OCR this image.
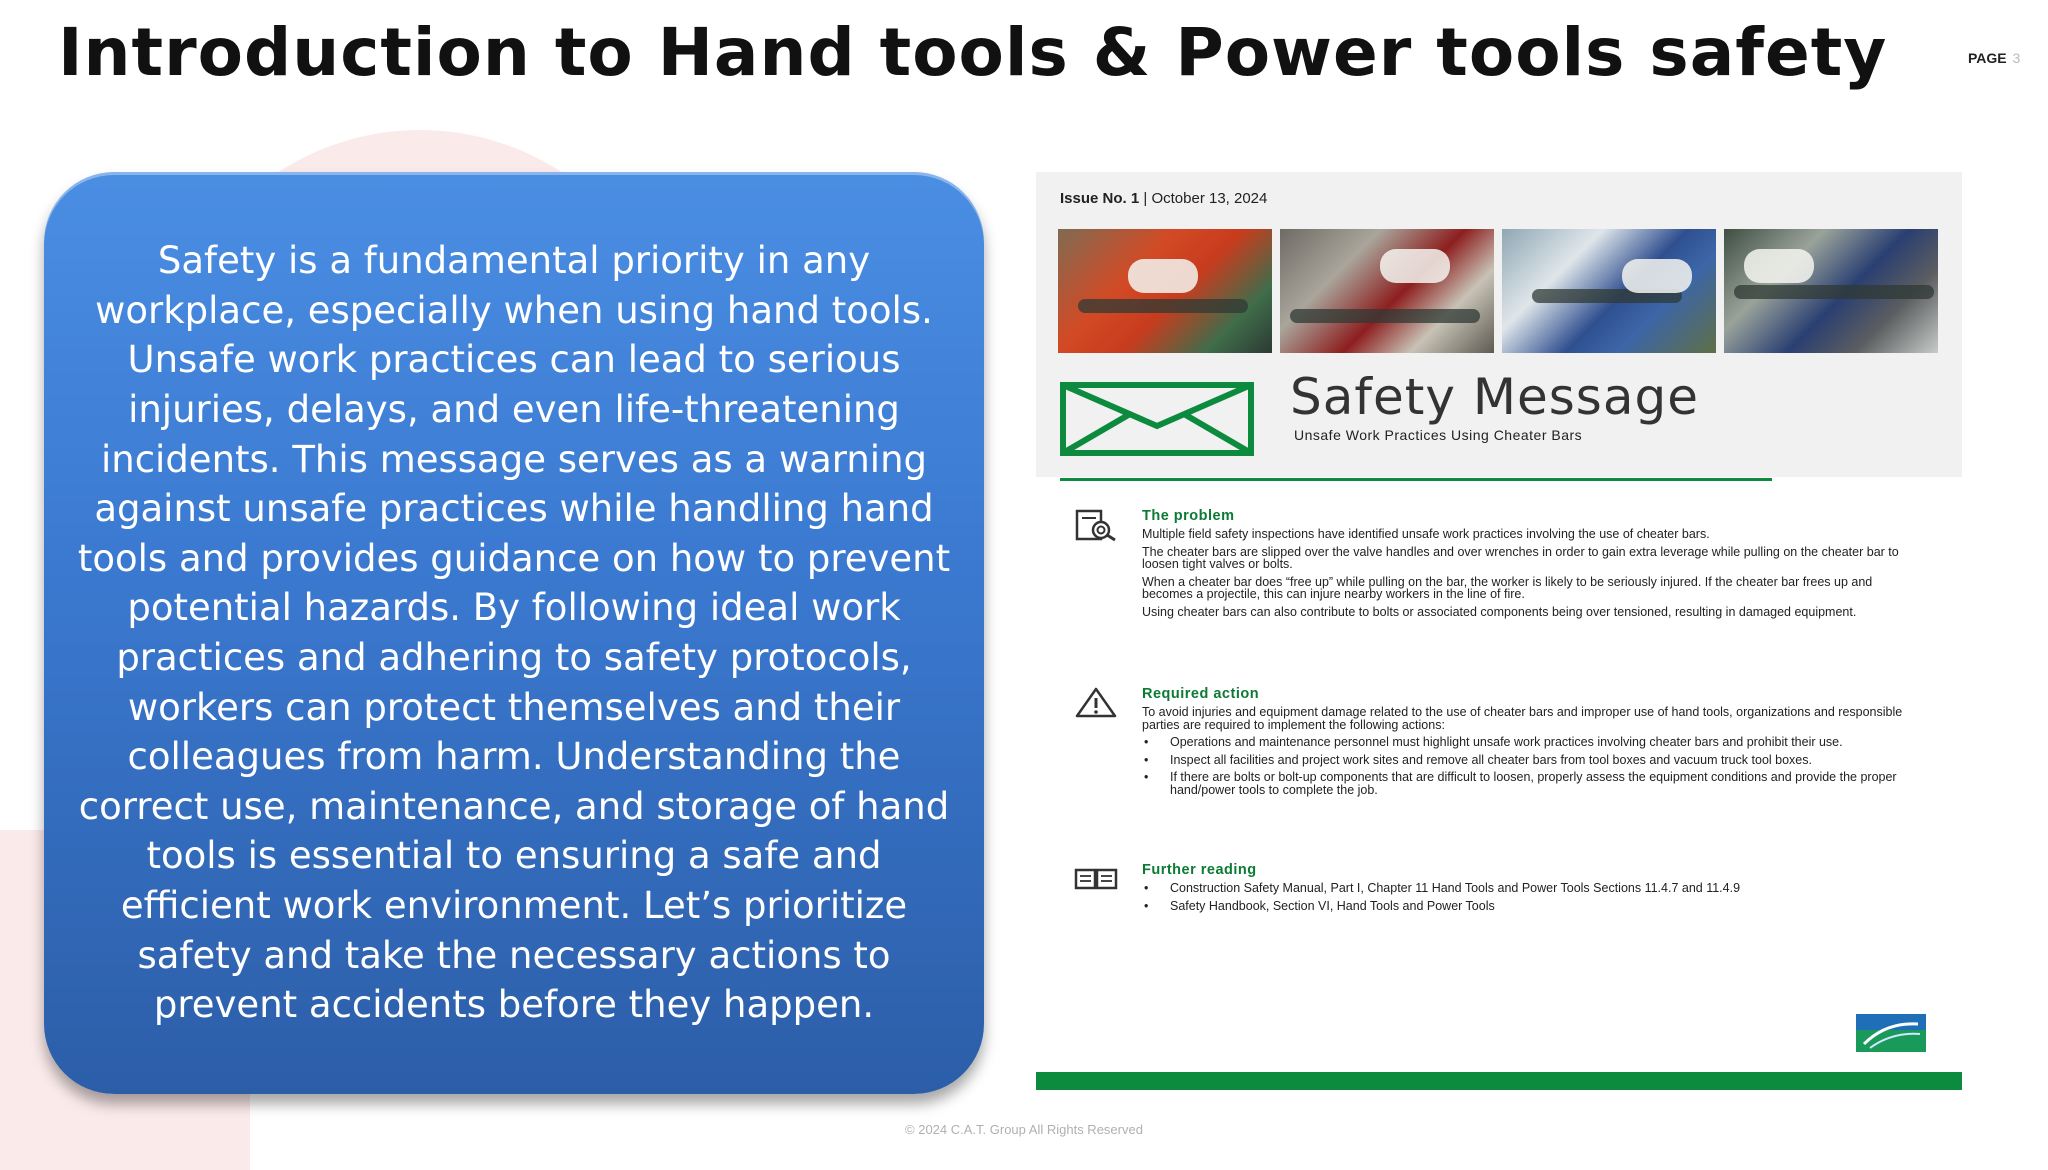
Introduction to Hand tools & Power tools safety	PAGE 3

Safety is a fundamental priority in any workplace, especially when using hand tools. Unsafe work practices can lead to serious injuries, delays, and even life-threatening incidents. This message serves as a warning against unsafe practices while handling hand tools and provides guidance on how to prevent potential hazards. By following ideal work practices and adhering to safety protocols, workers can protect themselves and their colleagues from harm. Understanding the correct use, maintenance, and storage of hand tools is essential to ensuring a safe and efficient work environment. Let’s prioritize safety and take the necessary actions to prevent accidents before they happen.

Issue No. 1 | October 13, 2024
Safety Message
Unsafe Work Practices Using Cheater Bars
The problem

Multiple field safety inspections have identified unsafe work practices involving the use of cheater bars.

The cheater bars are slipped over the valve handles and over wrenches in order to gain extra leverage while pulling on the cheater bar to loosen tight valves or bolts.

When a cheater bar does “free up” while pulling on the bar, the worker is likely to be seriously injured. If the cheater bar frees up and becomes a projectile, this can injure nearby workers in the line of fire.

Using cheater bars can also contribute to bolts or associated components being over tensioned, resulting in damaged equipment.

Required action

To avoid injuries and equipment damage related to the use of cheater bars and improper use of hand tools, organizations and responsible parties are required to implement the following actions:

• Operations and maintenance personnel must highlight unsafe work practices involving cheater bars and prohibit their use.
• Inspect all facilities and project work sites and remove all cheater bars from tool boxes and vacuum truck tool boxes.
• If there are bolts or bolt-up components that are difficult to loosen, properly assess the equipment conditions and provide the proper hand/power tools to complete the job.
Further reading
• Construction Safety Manual, Part I, Chapter 11 Hand Tools and Power Tools Sections 11.4.7 and 11.4.9
• Safety Handbook, Section VI, Hand Tools and Power Tools
© 2024 C.A.T. Group All Rights Reserved
